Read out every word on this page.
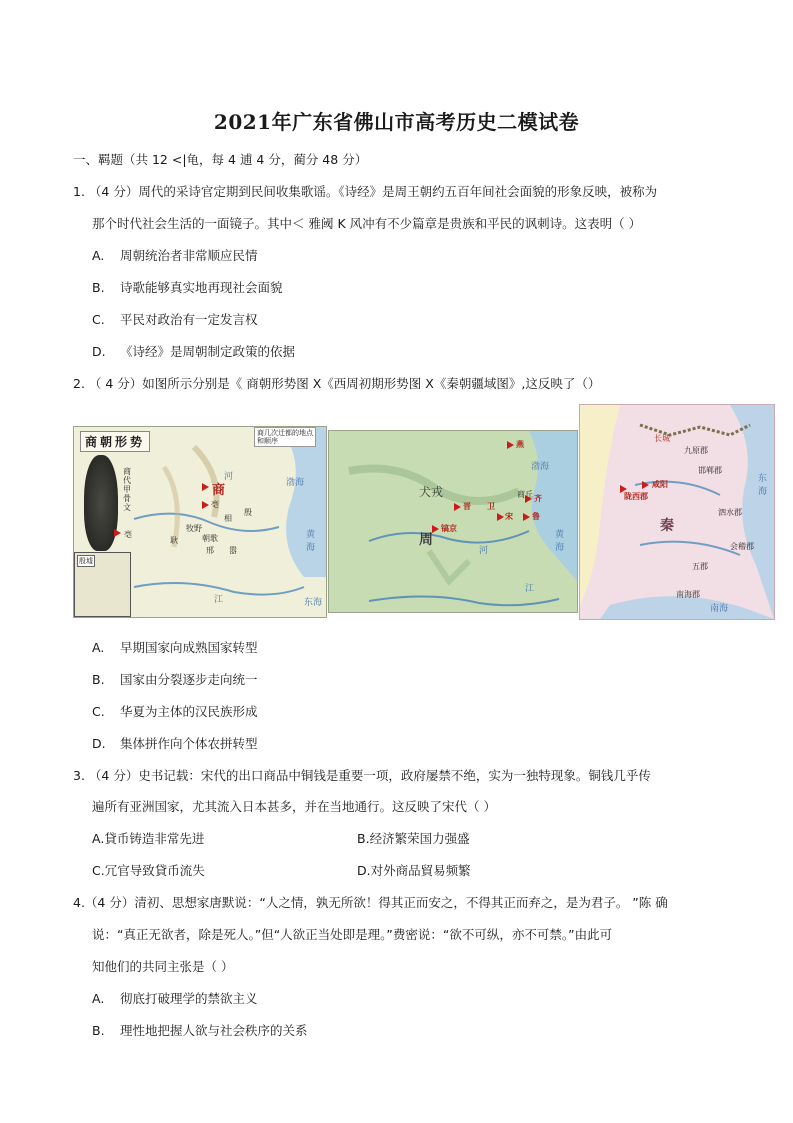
2021年广东省佛山市高考历史二模试卷
一、羁题（共 12 <|龟，每 4 逋 4 分，蔺分 48 分）
1. （4 分）周代的采诗官定期到民间收集歌谣。《诗经》是周王朝约五百年间社会面貌的形象反映，被称为
那个时代社会生活的一面镜子。其中＜ 雅阈 K 风冲有不少篇章是贵族和平民的讽刺诗。这表明（ ）
A. 周朝统治者非常顺应民情
B. 诗歌能够真实地再现社会面貌
C. 平民对政治有一定发言权
D. 《诗经》是周朝制定政策的依据
2. （ 4 分）如图所示分别是《 商朝形势图 X《西周初期形势图 X《秦朝疆域图》,这反映了（）
商朝形势
商代甲骨文
商
亳
相
殷
牧野
朝歌
耿
邢 嚣
亳
渤海
黄海
河
江	东海
商几次迁都的地点和顺序
殷墟
犬戎
周
镐京
燕
晋 卫
宋
齐
鲁
商丘
渤海
黄海
河
江
秦
长城
咸阳
陇西郡
东海
南海
邯郸郡
九原郡
泗水郡
五郡
会稽郡
南海郡
A. 早期国家向成熟国家转型
B. 国家由分裂逐步走向统一
C. 华夏为主体的汉民族形成
D. 集体拼作向个体农拼转型
3. （4 分）史书记载：宋代的出口商品中铜钱是重要一项，政府屡禁不绝，实为一独特现象。铜钱几乎传
遍所有亚洲国家，尤其流入日本甚多，并在当地通行。这反映了宋代（ ）
A.貸币铸造非常先进	B.经济繁荣国力强盛
C.冗官导致貸币流失	D.对外商品貿易频繁
4.（4 分）清初、思想家唐默说：“人之情，孰无所欲！得其正而安之，不得其正而弃之，是为君子。 ”陈 确
说：“真正无欲者，除是死人。”但“人欲正当处即是理。”费密说：“欲不可纵，亦不可禁。”由此可
知他们的共同主张是（ ）
A. 彻底打破理学的禁欲主义
B. 理性地把握人欲与社会秩序的关系
